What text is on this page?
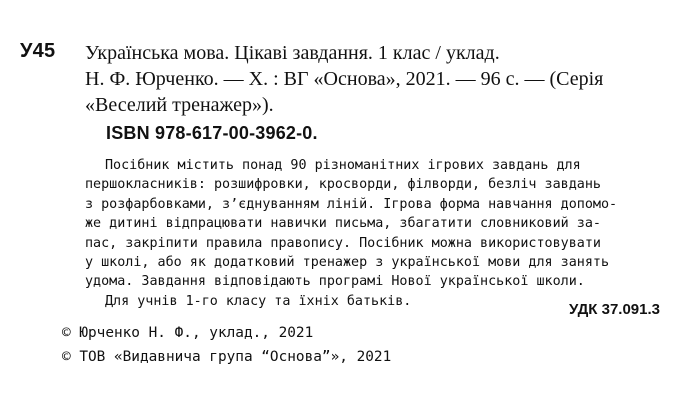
У45 Українська мова. Цікаві завдання. 1 клас / уклад.
Н. Ф. Юрченко. — Х. : ВГ «Основа», 2021. — 96 с. — (Серія
«Веселий тренажер»).
ISBN 978-617-00-3962-0.
Посібник містить понад 90 різноманітних ігрових завдань для
першокласників: розшифровки, кросворди, філворди, безліч завдань
з розфарбовками, з’єднуванням ліній. Ігрова форма навчання допомо-
же дитині відпрацювати навички письма, збагатити словниковий за-
пас, закріпити правила правопису. Посібник можна використовувати
у школі, або як додатковий тренажер з української мови для занять
удома. Завдання відповідають програмі Нової української школи.
Для учнів 1-го класу та їхніх батьків.	УДК 37.091.3
© Юрченко Н. Ф., уклад., 2021
© ТОВ «Видавнича група “Основа”», 2021
